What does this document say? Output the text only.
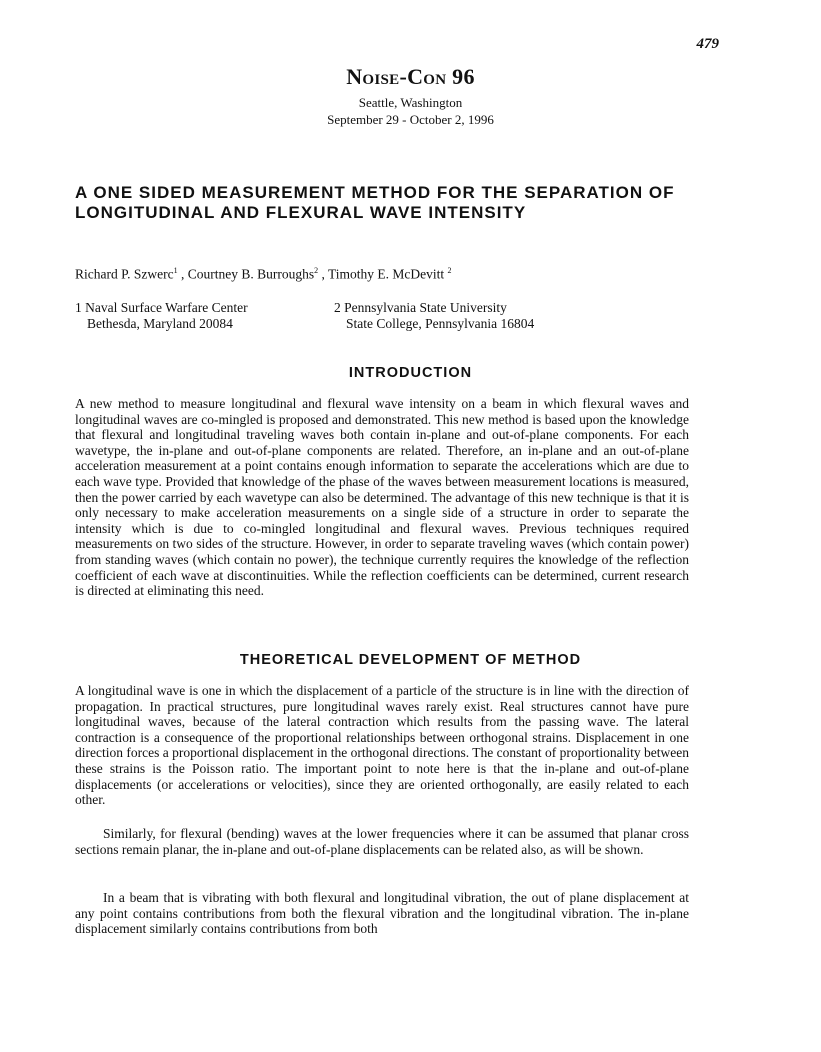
479
Noise-Con 96
Seattle, Washington
September 29 - October 2, 1996
A ONE SIDED MEASUREMENT METHOD FOR THE SEPARATION OF LONGITUDINAL AND FLEXURAL WAVE INTENSITY
Richard P. Szwerc$^1$ , Courtney B. Burroughs$^2$ , Timothy E. McDevitt $^2$
1 Naval Surface Warfare Center
Bethesda, Maryland 20084
2 Pennsylvania State University
State College, Pennsylvania 16804
INTRODUCTION
A new method to measure longitudinal and flexural wave intensity on a beam in which flexural waves and longitudinal waves are co-mingled is proposed and demonstrated. This new method is based upon the knowledge that flexural and longitudinal traveling waves both contain in-plane and out-of-plane components. For each wavetype, the in-plane and out-of-plane components are related. Therefore, an in-plane and an out-of-plane acceleration measurement at a point contains enough information to separate the accelerations which are due to each wave type. Provided that knowledge of the phase of the waves between measurement locations is measured, then the power carried by each wavetype can also be determined. The advantage of this new technique is that it is only necessary to make acceleration measurements on a single side of a structure in order to separate the intensity which is due to co-mingled longitudinal and flexural waves. Previous techniques required measurements on two sides of the structure. However, in order to separate traveling waves (which contain power) from standing waves (which contain no power), the technique currently requires the knowledge of the reflection coefficient of each wave at discontinuities. While the reflection coefficients can be determined, current research is directed at eliminating this need.
THEORETICAL DEVELOPMENT OF METHOD
A longitudinal wave is one in which the displacement of a particle of the structure is in line with the direction of propagation. In practical structures, pure longitudinal waves rarely exist. Real structures cannot have pure longitudinal waves, because of the lateral contraction which results from the passing wave. The lateral contraction is a consequence of the proportional relationships between orthogonal strains. Displacement in one direction forces a proportional displacement in the orthogonal directions. The constant of proportionality between these strains is the Poisson ratio. The important point to note here is that the in-plane and out-of-plane displacements (or accelerations or velocities), since they are oriented orthogonally, are easily related to each other.
Similarly, for flexural (bending) waves at the lower frequencies where it can be assumed that planar cross sections remain planar, the in-plane and out-of-plane displacements can be related also, as will be shown.
In a beam that is vibrating with both flexural and longitudinal vibration, the out of plane displacement at any point contains contributions from both the flexural vibration and the longitudinal vibration. The in-plane displacement similarly contains contributions from both
